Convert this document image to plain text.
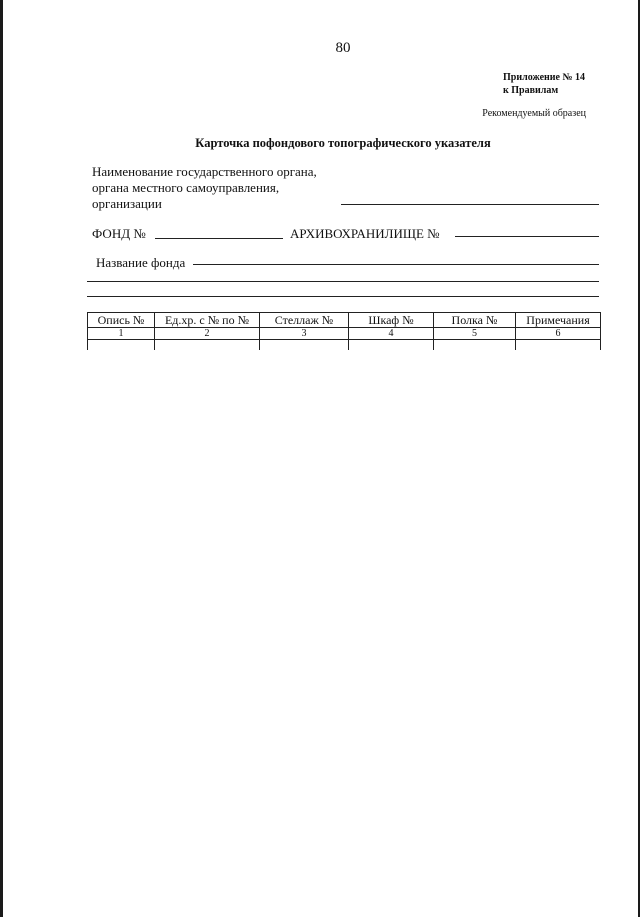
80
Приложение № 14
к Правилам
Рекомендуемый образец
Карточка пофондового топографического указателя
Наименование государственного органа,
органа местного самоуправления,
организации
ФОНД №	АРХИВОХРАНИЛИЩЕ №
Название фонда
Опись №	Ед.хр. с № по №	Стеллаж №	Шкаф №	Полка №	Примечания
1	2	3	4	5	6
